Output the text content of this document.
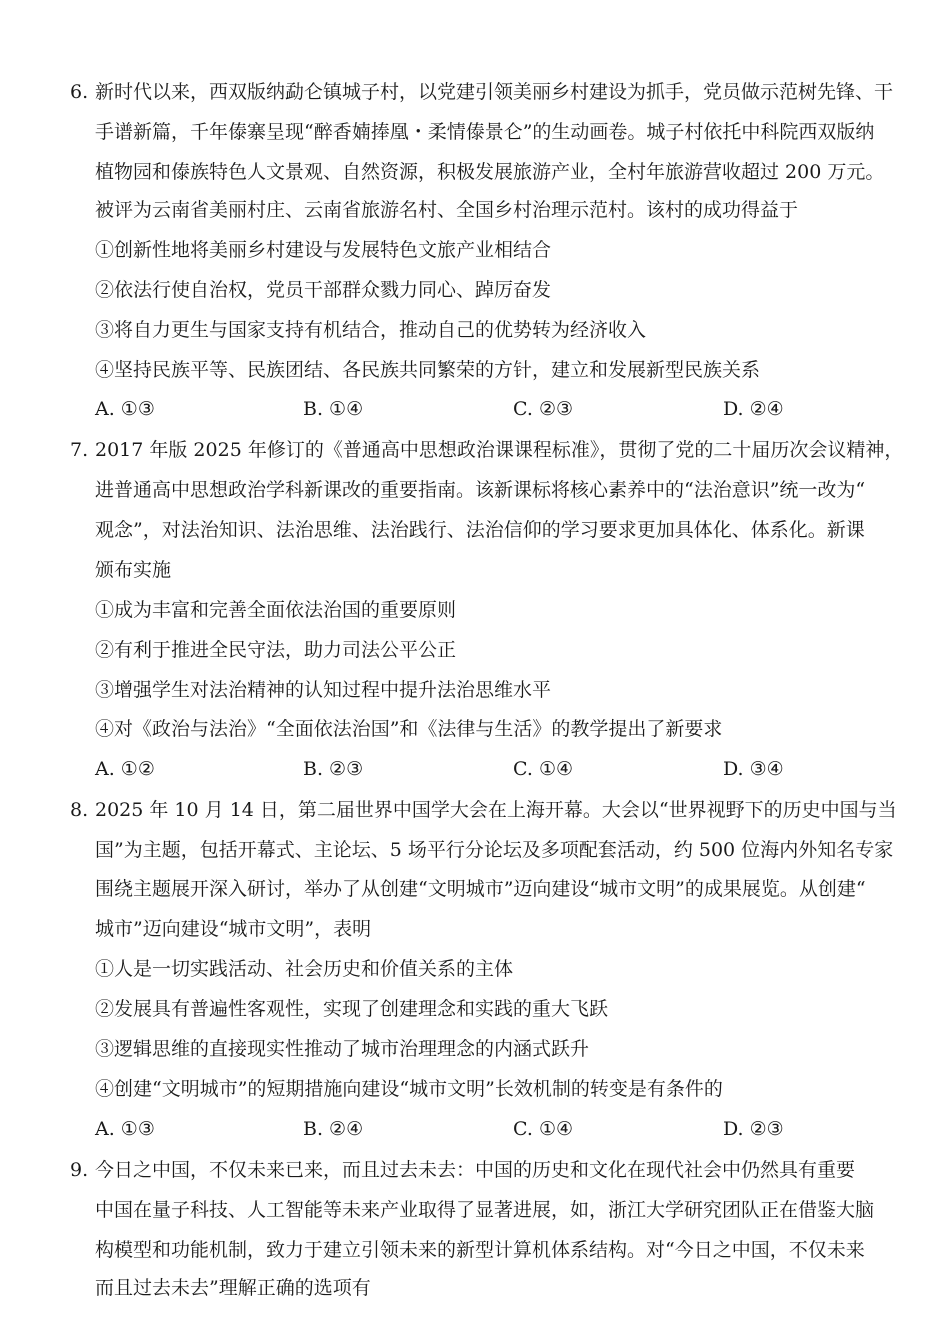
6. 新时代以来，西双版纳勐仑镇城子村，以党建引领美丽乡村建设为抓手，党员做示范树先锋、干
手谱新篇，千年傣寨呈现“醉香婻捧凰・柔情傣景仑”的生动画卷。城子村依托中科院西双版纳
植物园和傣族特色人文景观、自然资源，积极发展旅游产业，全村年旅游营收超过 200 万元。
被评为云南省美丽村庄、云南省旅游名村、全国乡村治理示范村。该村的成功得益于
①创新性地将美丽乡村建设与发展特色文旅产业相结合
②依法行使自治权，党员干部群众戮力同心、踔厉奋发
③将自力更生与国家支持有机结合，推动自己的优势转为经济收入
④坚持民族平等、民族团结、各民族共同繁荣的方针，建立和发展新型民族关系
A. ①③	B. ①④	C. ②③	D. ②④
7. 2017 年版 2025 年修订的《普通高中思想政治课课程标准》，贯彻了党的二十届历次会议精神，
进普通高中思想政治学科新课改的重要指南。该新课标将核心素养中的“法治意识”统一改为“
观念”，对法治知识、法治思维、法治践行、法治信仰的学习要求更加具体化、体系化。新课
颁布实施
①成为丰富和完善全面依法治国的重要原则
②有利于推进全民守法，助力司法公平公正
③增强学生对法治精神的认知过程中提升法治思维水平
④对《政治与法治》“全面依法治国”和《法律与生活》的教学提出了新要求
A. ①②	B. ②③	C. ①④	D. ③④
8. 2025 年 10 月 14 日，第二届世界中国学大会在上海开幕。大会以“世界视野下的历史中国与当
国”为主题，包括开幕式、主论坛、5 场平行分论坛及多项配套活动，约 500 位海内外知名专家
围绕主题展开深入研讨，举办了从创建“文明城市”迈向建设“城市文明”的成果展览。从创建“
城市”迈向建设“城市文明”，表明
①人是一切实践活动、社会历史和价值关系的主体
②发展具有普遍性客观性，实现了创建理念和实践的重大飞跃
③逻辑思维的直接现实性推动了城市治理理念的内涵式跃升
④创建“文明城市”的短期措施向建设“城市文明”长效机制的转变是有条件的
A. ①③	B. ②④	C. ①④	D. ②③
9. 今日之中国，不仅未来已来，而且过去未去：中国的历史和文化在现代社会中仍然具有重要
中国在量子科技、人工智能等未来产业取得了显著进展，如，浙江大学研究团队正在借鉴大脑
构模型和功能机制，致力于建立引领未来的新型计算机体系结构。对“今日之中国，不仅未来
而且过去未去”理解正确的选项有
